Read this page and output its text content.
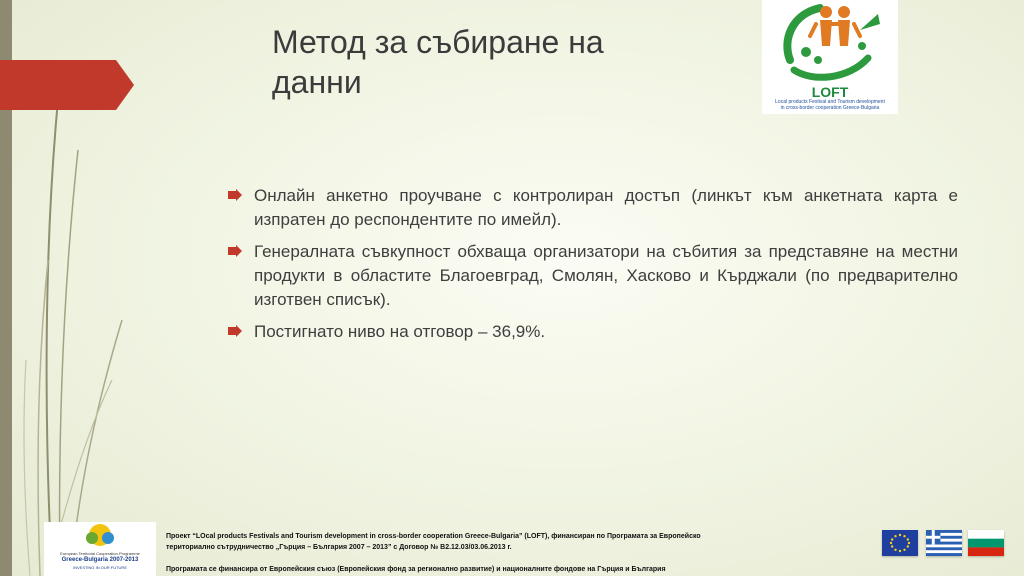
Метод за събиране на
данни	LOFT
Local products Festival and Tourism development
in cross-border cooperation Greece-Bulgaria
Онлайн анкетно проучване с контролиран достъп (линкът към анкетната карта е изпратен до респондентите по имейл).
Генералната съвкупност обхваща организатори на събития за представяне на местни продукти в областите Благоевград, Смолян, Хасково и Кърджали (по предварително изготвен списък).
Постигнато ниво на отговор – 36,9%.
European Territorial Cooperation Programme
Greece-Bulgaria 2007-2013
INVESTING IN OUR FUTURE

Проект “LOcal products Festivals and Tourism development in cross-border cooperation Greece-Bulgaria” (LOFT), финансиран по Програмата за Европейско

териториално сътрудничество „Гърция – България 2007 – 2013” с Договор № B2.12.03/03.06.2013 г.

Програмата се финансира от Европейския съюз (Европейския фонд за регионално развитие) и националните фондове на Гърция и България
